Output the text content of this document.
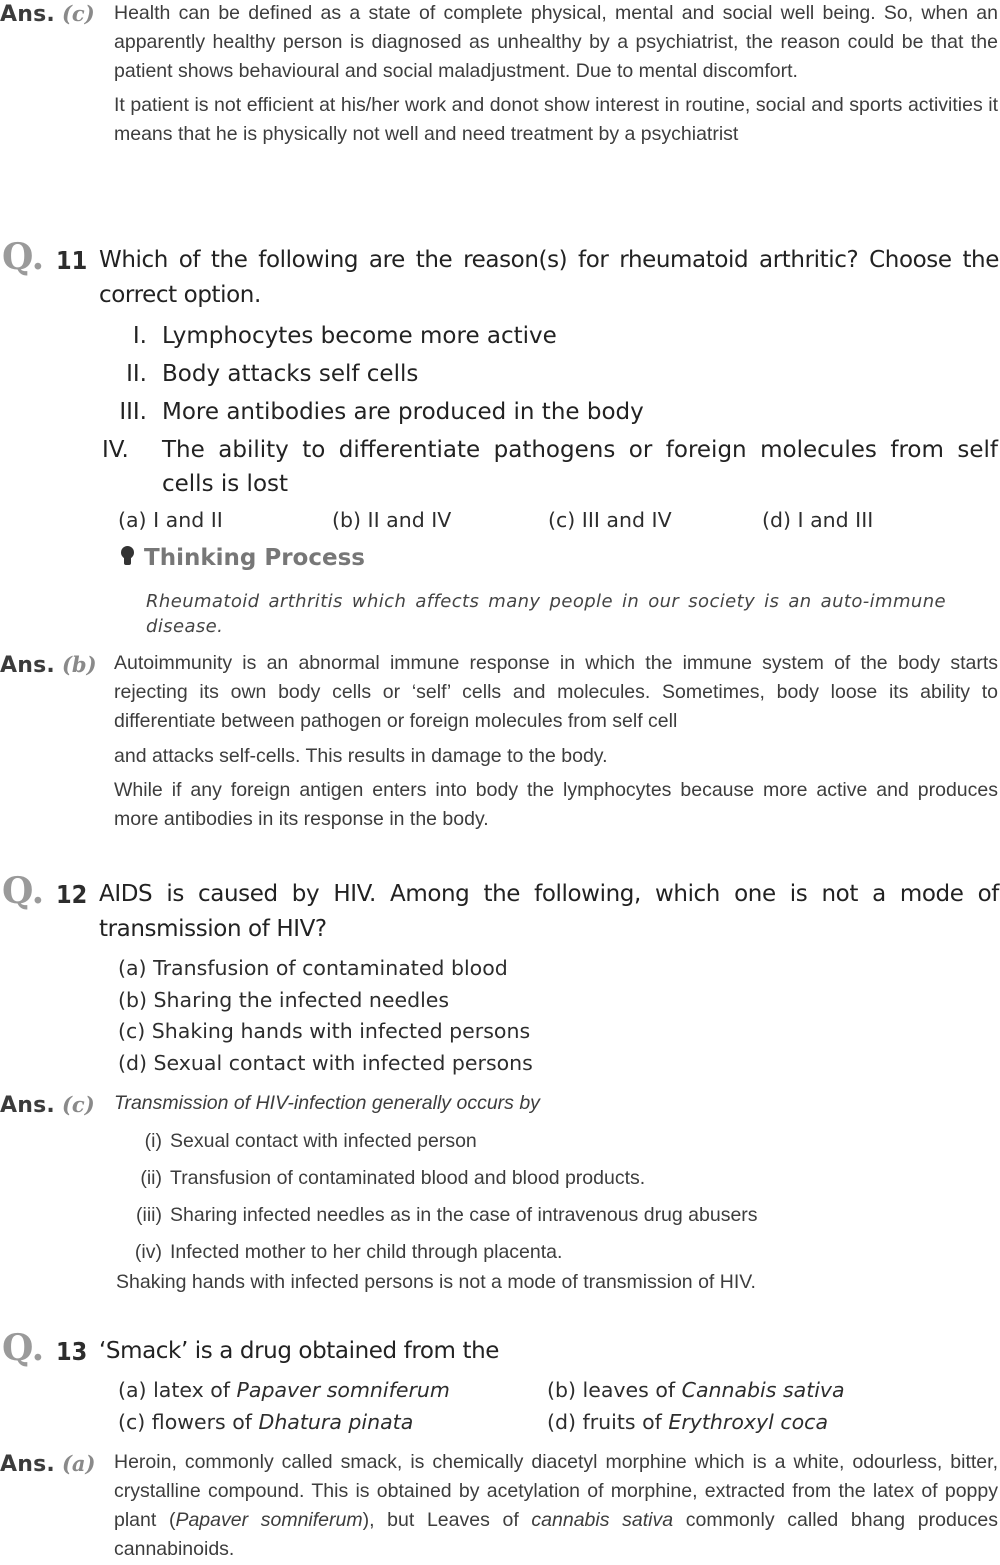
Ans. (c) Health can be defined as a state of complete physical, mental and social well being. So, when an apparently healthy person is diagnosed as unhealthy by a psychiatrist, the reason could be that the patient shows behavioural and social maladjustment. Due to mental discomfort.
It patient is not efficient at his/her work and donot show interest in routine, social and sports activities it means that he is physically not well and need treatment by a psychiatrist
Q. 11 Which of the following are the reason(s) for rheumatoid arthritic? Choose the correct option.
I. Lymphocytes become more active
II. Body attacks self cells
III. More antibodies are produced in the body
IV.	The ability to differentiate pathogens or foreign molecules from self cells is lost
(a) I and II	(b) II and IV	(c) III and IV	(d) I and III
Thinking Process
Rheumatoid arthritis which affects many people in our society is an auto-immune disease.
Ans. (b) Autoimmunity is an abnormal immune response in which the immune system of the body starts rejecting its own body cells or ‘self’ cells and molecules. Sometimes, body loose its ability to differentiate between pathogen or foreign molecules from self cell
and attacks self-cells. This results in damage to the body.
While if any foreign antigen enters into body the lymphocytes because more active and produces more antibodies in its response in the body.
Q. 12 AIDS is caused by HIV. Among the following, which one is not a mode of transmission of HIV?
(a) Transfusion of contaminated blood
(b) Sharing the infected needles
(c) Shaking hands with infected persons
(d) Sexual contact with infected persons
Ans. (c) Transmission of HIV-infection generally occurs by
(i) Sexual contact with infected person
(ii) Transfusion of contaminated blood and blood products.
(iii) Sharing infected needles as in the case of intravenous drug abusers
(iv) Infected mother to her child through placenta.
Shaking hands with infected persons is not a mode of transmission of HIV.
Q. 13 ‘Smack’ is a drug obtained from the
(a) latex of Papaver somniferum	(b) leaves of Cannabis sativa
(c) flowers of Dhatura pinata	(d) fruits of Erythroxyl coca
Ans. (a) Heroin, commonly called smack, is chemically diacetyl morphine which is a white, odourless, bitter, crystalline compound. This is obtained by acetylation of morphine, extracted from the latex of poppy plant (Papaver somniferum), but Leaves of cannabis sativa commonly called bhang produces cannabinoids.
